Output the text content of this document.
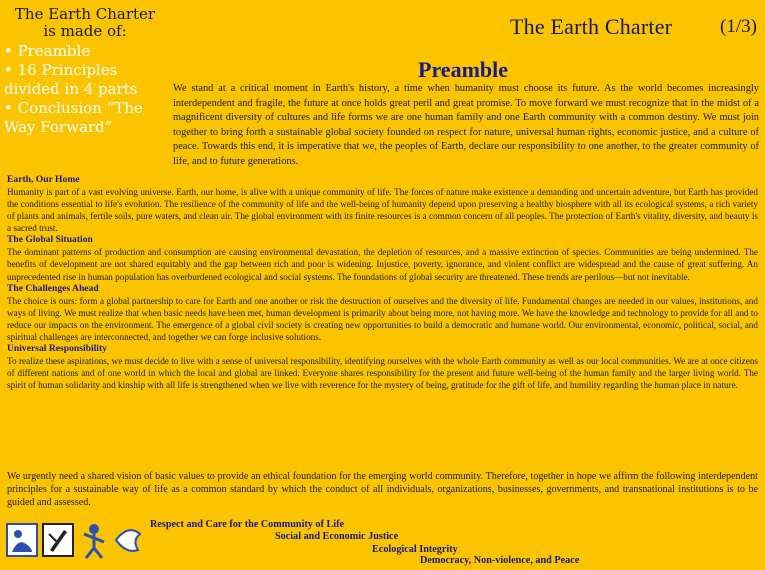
The Earth Charter is made of:
• Preamble
• 16 Principles divided in 4 parts
• Conclusion “The Way Forward”
The Earth Charter	(1/3)
Preamble
We stand at a critical moment in Earth's history, a time when humanity must choose its future. As the world becomes increasingly interdependent and fragile, the future at once holds great peril and great promise. To move forward we must recognize that in the midst of a magnificent diversity of cultures and life forms we are one human family and one Earth community with a common destiny. We must join together to bring forth a sustainable global society founded on respect for nature, universal human rights, economic justice, and a culture of peace. Towards this end, it is imperative that we, the peoples of Earth, declare our responsibility to one another, to the greater community of life, and to future generations.
Earth, Our Home

Humanity is part of a vast evolving universe. Earth, our home, is alive with a unique community of life. The forces of nature make existence a demanding and uncertain adventure, but Earth has provided the conditions essential to life's evolution. The resilience of the community of life and the well-being of humanity depend upon preserving a healthy biosphere with all its ecological systems, a rich variety of plants and animals, fertile soils, pure waters, and clean air. The global environment with its finite resources is a common concern of all peoples. The protection of Earth's vitality, diversity, and beauty is a sacred trust.

The Global Situation

The dominant patterns of production and consumption are causing environmental devastation, the depletion of resources, and a massive extinction of species. Communities are being undermined. The benefits of development are not shared equitably and the gap between rich and poor is widening. Injustice, poverty, ignorance, and violent conflict are widespread and the cause of great suffering. An unprecedented rise in human population has overburdened ecological and social systems. The foundations of global security are threatened. These trends are perilous—but not inevitable.

The Challenges Ahead

The choice is ours: form a global partnership to care for Earth and one another or risk the destruction of ourselves and the diversity of life. Fundamental changes are needed in our values, institutions, and ways of living. We must realize that when basic needs have been met, human development is primarily about being more, not having more. We have the knowledge and technology to provide for all and to reduce our impacts on the environment. The emergence of a global civil society is creating new opportunities to build a democratic and humane world. Our environmental, economic, political, social, and spiritual challenges are interconnected, and together we can forge inclusive solutions.

Universal Responsibility

To realize these aspirations, we must decide to live with a sense of universal responsibility, identifying ourselves with the whole Earth community as well as our local communities. We are at once citizens of different nations and of one world in which the local and global are linked. Everyone shares responsibility for the present and future well-being of the human family and the larger living world. The spirit of human solidarity and kinship with all life is strengthened when we live with reverence for the mystery of being, gratitude for the gift of life, and humility regarding the human place in nature.

We urgently need a shared vision of basic values to provide an ethical foundation for the emerging world community. Therefore, together in hope we affirm the following interdependent principles for a sustainable way of life as a common standard by which the conduct of all individuals, organizations, businesses, governments, and transnational institutions is to be guided and assessed.
Respect and Care for the Community of Life
Social and Economic Justice
Ecological Integrity
Democracy, Non-violence, and Peace
